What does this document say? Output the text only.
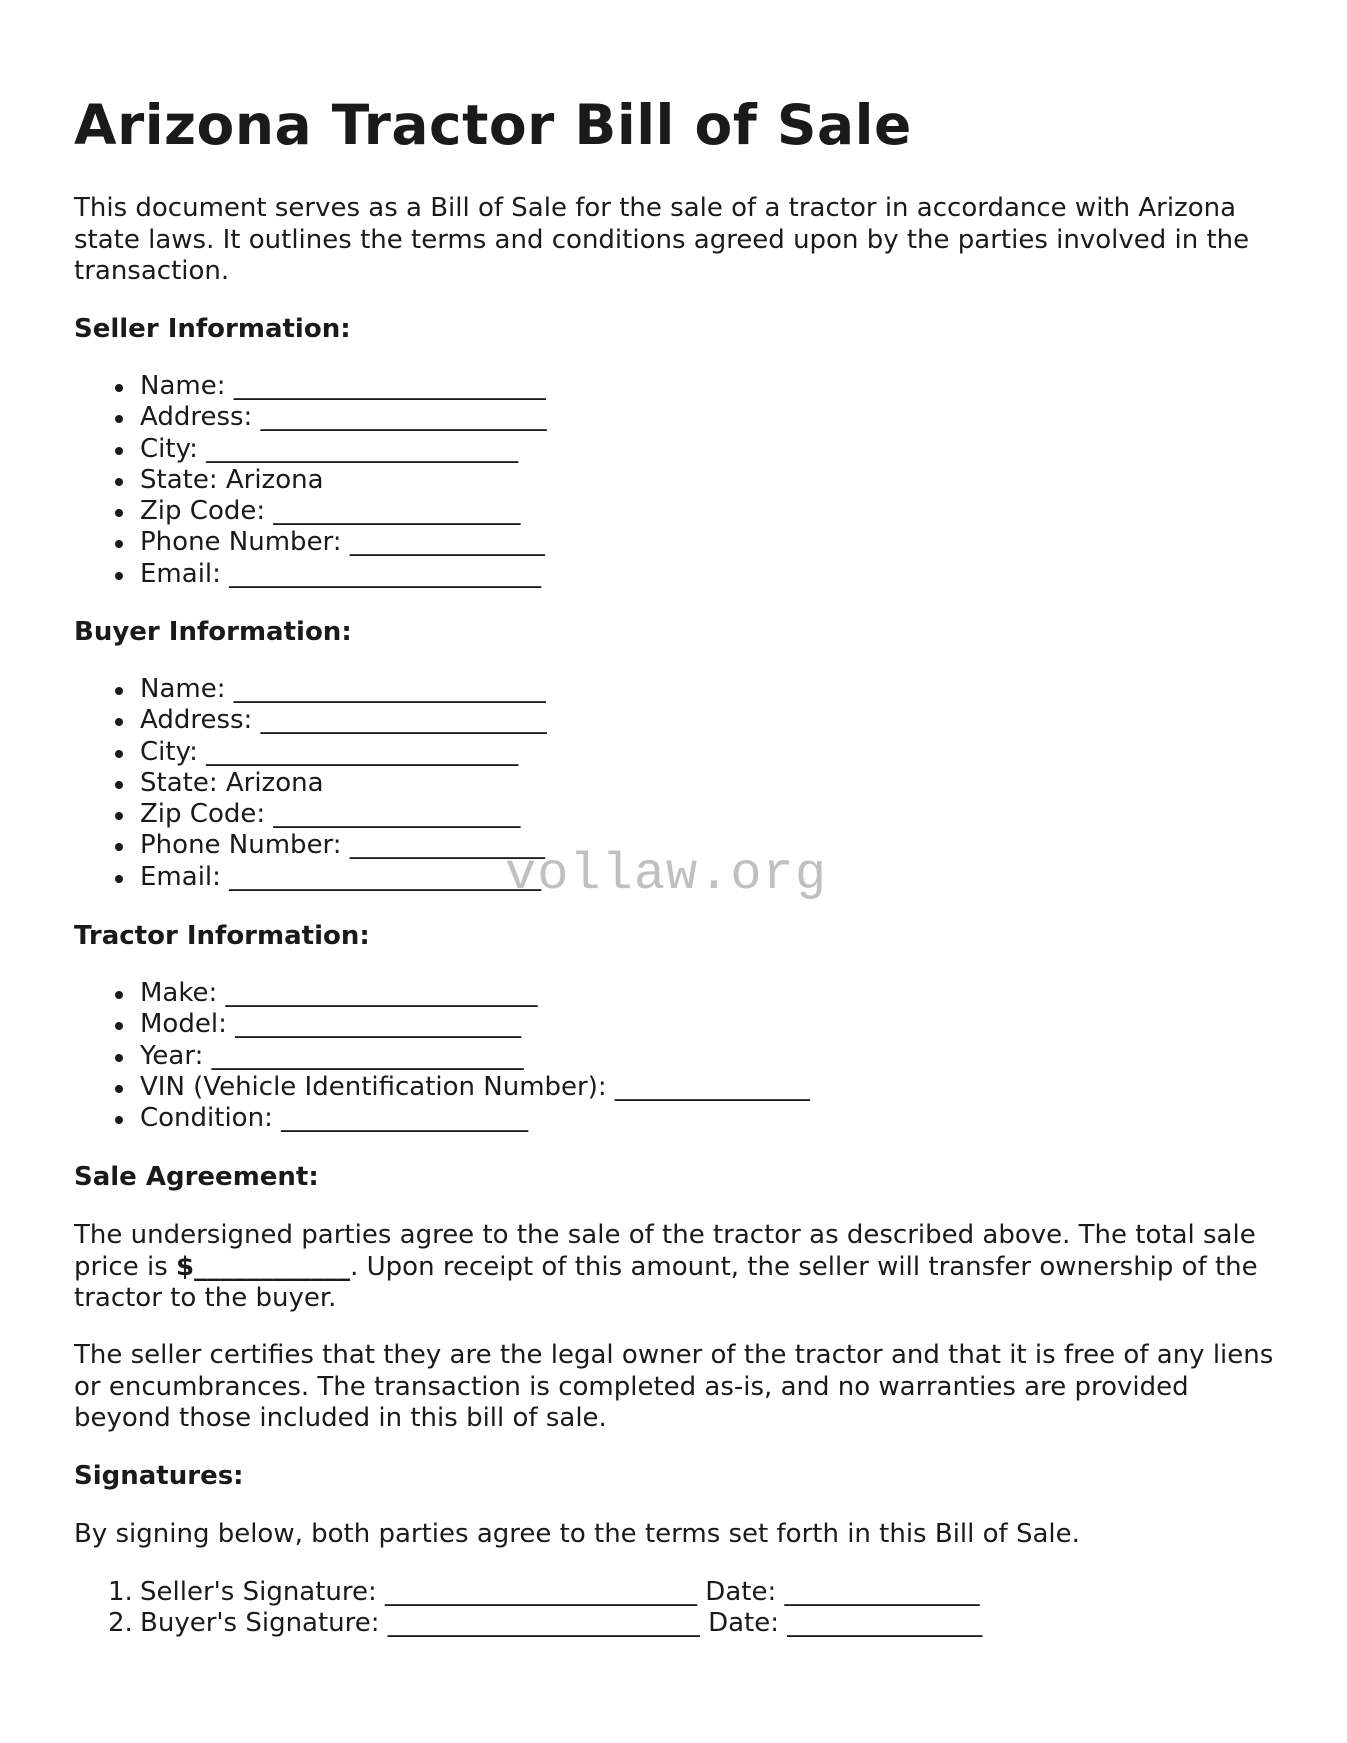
Arizona Tractor Bill of Sale

This document serves as a Bill of Sale for the sale of a tractor in accordance with Arizona state laws. It outlines the terms and conditions agreed upon by the parties involved in the transaction.

Seller Information:
Name: ________________________
Address: ______________________
City: ________________________
State: Arizona
Zip Code: ___________________
Phone Number: _______________
Email: ________________________
Buyer Information:
Name: ________________________
Address: ______________________
City: ________________________
State: Arizona
Zip Code: ___________________
Phone Number: _______________
Email: ________________________
Tractor Information:
Make: ________________________
Model: ______________________
Year: ________________________
VIN (Vehicle Identification Number): _______________
Condition: ___________________
Sale Agreement:

The undersigned parties agree to the sale of the tractor as described above. The total sale price is $____________. Upon receipt of this amount, the seller will transfer ownership of the tractor to the buyer.

The seller certifies that they are the legal owner of the tractor and that it is free of any liens or encumbrances. The transaction is completed as-is, and no warranties are provided beyond those included in this bill of sale.

Signatures:

By signing below, both parties agree to the terms set forth in this Bill of Sale.

1. Seller's Signature: ________________________ Date: _______________
2. Buyer's Signature: ________________________ Date: _______________
vollaw.org
